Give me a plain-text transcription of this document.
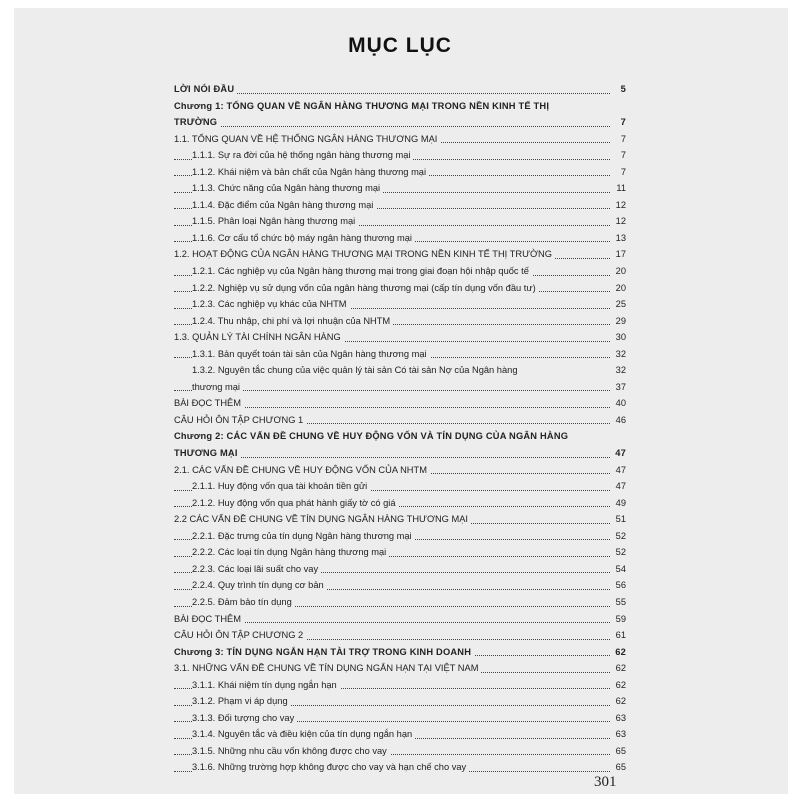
MỤC LỤC
LỜI NÓI ĐẦU	5
Chương 1: TỔNG QUAN VỀ NGÂN HÀNG THƯƠNG MẠI TRONG NỀN KINH TẾ THỊ
TRƯỜNG	7
1.1. TỔNG QUAN VỀ HỆ THỐNG NGÂN HÀNG THƯƠNG MẠI	7
1.1.1. Sự ra đời của hệ thống ngân hàng thương mại	7
1.1.2. Khái niệm và bản chất của Ngân hàng thương mại	7
1.1.3. Chức năng của Ngân hàng thương mại	11
1.1.4. Đặc điểm của Ngân hàng thương mại	12
1.1.5. Phân loại Ngân hàng thương mại	12
1.1.6. Cơ cấu tổ chức bộ máy ngân hàng thương mại	13
1.2. HOẠT ĐỘNG CỦA NGÂN HÀNG THƯƠNG MẠI TRONG NỀN KINH TẾ THỊ TRƯỜNG	17
1.2.1. Các nghiệp vụ của Ngân hàng thương mại trong giai đoạn hội nhập quốc tế	20
1.2.2. Nghiệp vụ sử dụng vốn của ngân hàng thương mại (cấp tín dụng vốn đầu tư)	20
1.2.3. Các nghiệp vụ khác của NHTM	25
1.2.4. Thu nhập, chi phí và lợi nhuận của NHTM	29
1.3. QUẢN LÝ TÀI CHÍNH NGÂN HÀNG	30
1.3.1. Bản quyết toán tài sản của Ngân hàng thương mại	32
1.3.2. Nguyên tắc chung của việc quản lý tài sản Có tài sản Nợ của Ngân hàng	32
thương mại	37
BÀI ĐỌC THÊM	40
CÂU HỎI ÔN TẬP CHƯƠNG 1	46
Chương 2: CÁC VẤN ĐỀ CHUNG VỀ HUY ĐỘNG VỐN VÀ TÍN DỤNG CỦA NGÂN HÀNG
THƯƠNG MẠI	47
2.1. CÁC VẤN ĐỀ CHUNG VỀ HUY ĐỘNG VỐN CỦA NHTM	47
2.1.1. Huy động vốn qua tài khoản tiền gửi	47
2.1.2. Huy động vốn qua phát hành giấy tờ có giá	49
2.2 CÁC VẤN ĐỀ CHUNG VỀ TÍN DỤNG NGÂN HÀNG THƯƠNG MẠI	51
2.2.1. Đặc trưng của tín dụng Ngân hàng thương mại	52
2.2.2. Các loại tín dụng Ngân hàng thương mại	52
2.2.3. Các loại lãi suất cho vay	54
2.2.4. Quy trình tín dụng cơ bản	56
2.2.5. Đảm bảo tín dụng	55
BÀI ĐỌC THÊM	59
CÂU HỎI ÔN TẬP CHƯƠNG 2	61
Chương 3: TÍN DỤNG NGẮN HẠN TÀI TRỢ TRONG KINH DOANH	62
3.1. NHỮNG VẤN ĐỀ CHUNG VỀ TÍN DỤNG NGẮN HẠN TẠI VIỆT NAM	62
3.1.1. Khái niệm tín dụng ngắn hạn	62
3.1.2. Phạm vi áp dụng	62
3.1.3. Đối tượng cho vay	63
3.1.4. Nguyên tắc và điều kiện của tín dụng ngắn hạn	63
3.1.5. Những nhu cầu vốn không được cho vay	65
3.1.6. Những trường hợp không được cho vay và hạn chế cho vay	65
301
